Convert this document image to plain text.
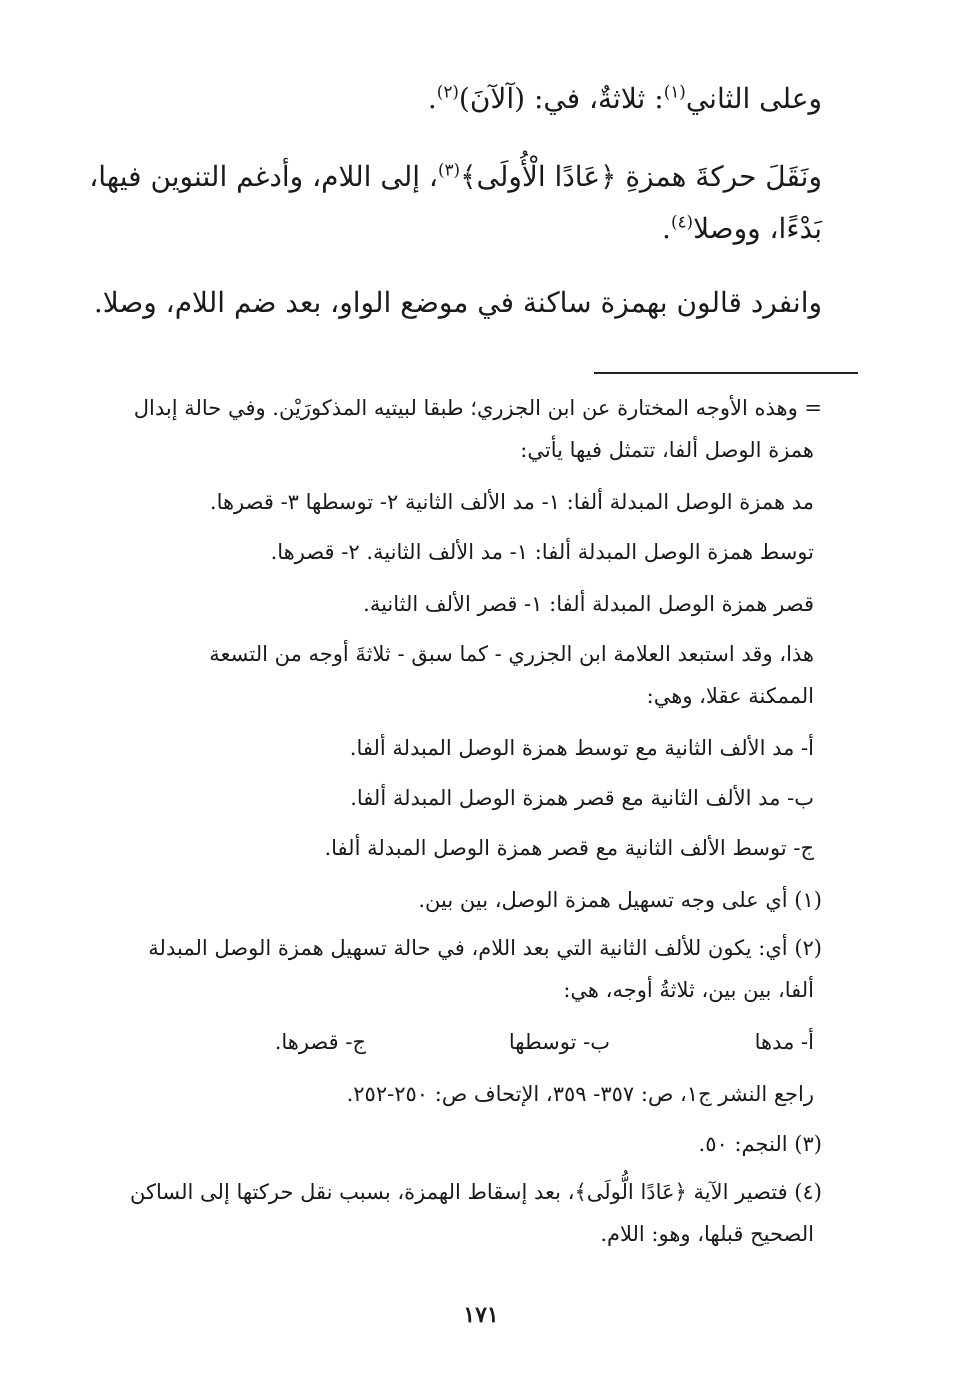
وعلى الثاني$^{(١)}$: ثلاثةٌ، في: (آلآنَ)$^{(٢)}$.

ونَقَلَ حركةَ همزةِ ﴿عَادًا الْأُولَى﴾$^{(٣)}$، إلى اللام، وأدغم التنوين فيها،

بَدْءًا، ووصلا$^{(٤)}$.

وانفرد قالون بهمزة ساكنة في موضع الواو، بعد ضم اللام، وصلا.

= وهذه الأوجه المختارة عن ابن الجزري؛ طبقا لبيتيه المذكورَيْن. وفي حالة إبدال

همزة الوصل ألفا، تتمثل فيها يأتي:

مد همزة الوصل المبدلة ألفا: ١- مد الألف الثانية ٢- توسطها ٣- قصرها.

توسط همزة الوصل المبدلة ألفا: ١- مد الألف الثانية. ٢- قصرها.

قصر همزة الوصل المبدلة ألفا: ١- قصر الألف الثانية.

هذا، وقد استبعد العلامة ابن الجزري - كما سبق - ثلاثةَ أوجه من التسعة

الممكنة عقلا، وهي:

أ- مد الألف الثانية مع توسط همزة الوصل المبدلة ألفا.

ب- مد الألف الثانية مع قصر همزة الوصل المبدلة ألفا.

ج- توسط الألف الثانية مع قصر همزة الوصل المبدلة ألفا.

(١) أي على وجه تسهيل همزة الوصل، بين بين.

(٢) أي: يكون للألف الثانية التي بعد اللام، في حالة تسهيل همزة الوصل المبدلة

ألفا، بين بين، ثلاثةُ أوجه، هي:

أ- مدها
ب- توسطها
ج- قصرها.

راجع النشر ج١، ص: ٣٥٧- ٣٥٩، الإتحاف ص: ٢٥٠-٢٥٢.

(٣) النجم: ٥٠.

(٤) فتصير الآية ﴿عَادًا الُّولَى﴾، بعد إسقاط الهمزة، بسبب نقل حركتها إلى الساكن

الصحيح قبلها، وهو: اللام.

١٧١
